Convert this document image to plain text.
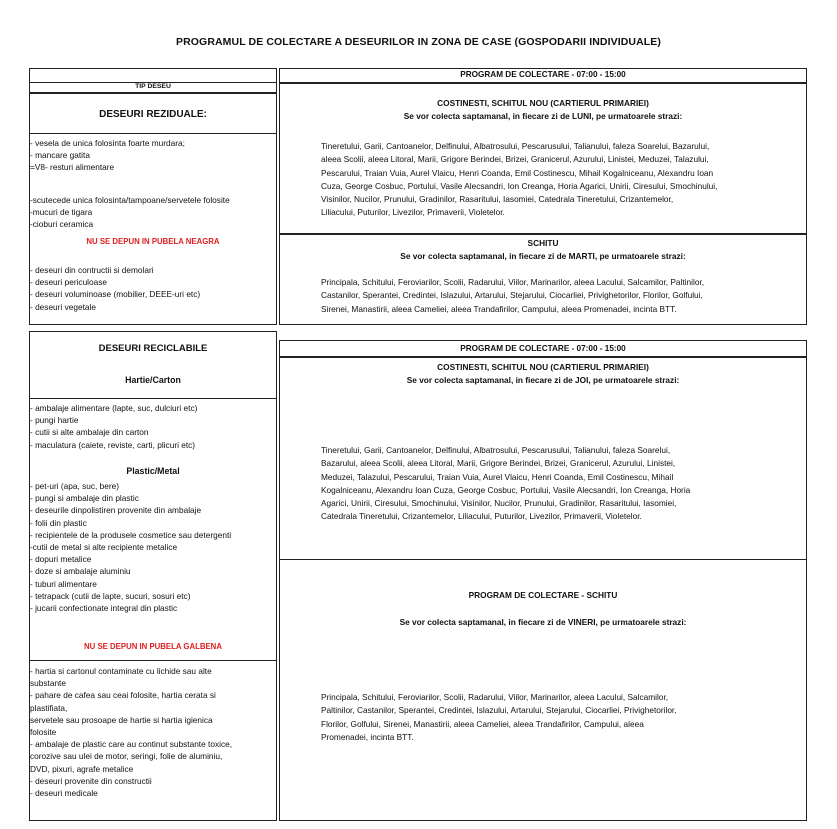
PROGRAMUL DE COLECTARE A DESEURILOR IN ZONA DE CASE (GOSPODARII INDIVIDUALE)
TIP DESEU
DESEURI REZIDUALE:
- vesela de unica folosinta foarte murdara;
- mancare gatita
=V8- resturi alimentare
-scutecede unica folosinta/tampoane/servetele folosite
-mucuri de tigara
-cioburi ceramica
NU SE DEPUN IN PUBELA NEAGRA
- deseuri din contructii si demolari
- deseuri periculoase
- deseuri voluminoase (mobilier, DEEE-uri etc)
- deseuri vegetale
DESEURI RECICLABILE
Hartie/Carton
- ambalaje alimentare (lapte, suc, dulciuri etc)
- pungi hartie
- cutii si alte ambalaje din carton
- maculatura (caiete, reviste, carti, plicuri etc)
Plastic/Metal
- pet-uri (apa, suc, bere)
- pungi si ambalaje din plastic
- deseurile dinpolistiren provenite din ambalaje
- folii din plastic
- recipientele de la produsele cosmetice sau detergenti
-cutii de metal si alte recipiente metalice
- dopuri metalice
- doze si ambalaje aluminiu
- tuburi alimentare
- tetrapack (cutii de lapte, sucuri, sosuri etc)
- jucarii confectionate integral din plastic
NU SE DEPUN IN PUBELA GALBENA
- hartia si cartonul contaminate cu lichide sau alte
substante
- pahare de cafea sau ceai folosite, hartia cerata si
plastifiata,
servetele sau prosoape de hartie si hartia igienica
folosite
- ambalaje de plastic care au continut substante toxice,
corozive sau ulei de motor, seringi, folie de aluminiu,
DVD, pixuri, agrafe metalice
- deseuri provenite din constructii
- deseuri medicale
PROGRAM DE COLECTARE - 07:00 - 15:00
COSTINESTI, SCHITUL NOU (CARTIERUL PRIMARIEI)
Se vor colecta saptamanal, in fiecare zi de LUNI, pe urmatoarele strazi:
Tineretului, Garii, Cantoanelor, Delfinului, Albatrosului, Pescarusului, Talianului, faleza Soarelui, Bazarului,
aleea Scolii, aleea Litoral, Marii, Grigore Berindei, Brizei, Granicerul, Azurului, Linistei, Meduzei, Talazului,
Pescarului, Traian Vuia, Aurel Vlaicu, Henri Coanda, Emil Costinescu, Mihail Kogalniceanu, Alexandru Ioan
Cuza, George Cosbuc, Portului, Vasile Alecsandri, Ion Creanga, Horia Agarici, Unirii, Ciresului, Smochinului,
Visinilor, Nucilor, Prunului, Gradinilor, Rasaritului, Iasomiei, Catedrala Tineretului, Crizantemelor,
Liliacului, Puturilor, Livezilor, Primaverii, Violetelor.
SCHITU
Se vor colecta saptamanal, in fiecare zi de MARTI, pe urmatoarele strazi:
Principala, Schitului, Feroviarilor, Scolii, Radarului, Viilor, Marinarilor, aleea Lacului, Salcamilor, Paltinilor,
Castanilor, Sperantei, Credintei, Islazului, Artarului, Stejarului, Ciocarliei, Privighetorilor, Florilor, Golfului,
Sirenei, Manastirii, aleea Cameliei, aleea Trandafirilor, Campului, aleea Promenadei, incinta BTT.
PROGRAM DE COLECTARE - 07:00 - 15:00
COSTINESTI, SCHITUL NOU (CARTIERUL PRIMARIEI)
Se vor colecta saptamanal, in fiecare zi de JOI, pe urmatoarele strazi:
Tineretului, Garii, Cantoanelor, Delfinului, Albatrosului, Pescarusului, Talianului, faleza Soarelui,
Bazarului, aleea Scolii, aleea Litoral, Marii, Grigore Berindei, Brizei, Granicerul, Azurului, Linistei,
Meduzei, Talazului, Pescarului, Traian Vuia, Aurel Vlaicu, Henri Coanda, Emil Costinescu, Mihail
Kogalniceanu, Alexandru Ioan Cuza, George Cosbuc, Portului, Vasile Alecsandri, Ion Creanga, Horia
Agarici, Unirii, Ciresului, Smochinului, Visinilor, Nucilor, Prunului, Gradinilor, Rasaritului, Iasomiei,
Catedrala Tineretului, Crizantemelor, Liliacului, Puturilor, Livezilor, Primaverii, Violetelor.
PROGRAM DE COLECTARE - SCHITU
Se vor colecta saptamanal, in fiecare zi de VINERI, pe urmatoarele strazi:
Principala, Schitului, Feroviarilor, Scolii, Radarului, Viilor, Marinarilor, aleea Lacului, Salcamilor,
Paltinilor, Castanilor, Sperantei, Credintei, Islazului, Artarului, Stejarului, Ciocarliei, Privighetorilor,
Florilor, Golfului, Sirenei, Manastirii, aleea Cameliei, aleea Trandafirilor, Campului, aleea
Promenadei, incinta BTT.
